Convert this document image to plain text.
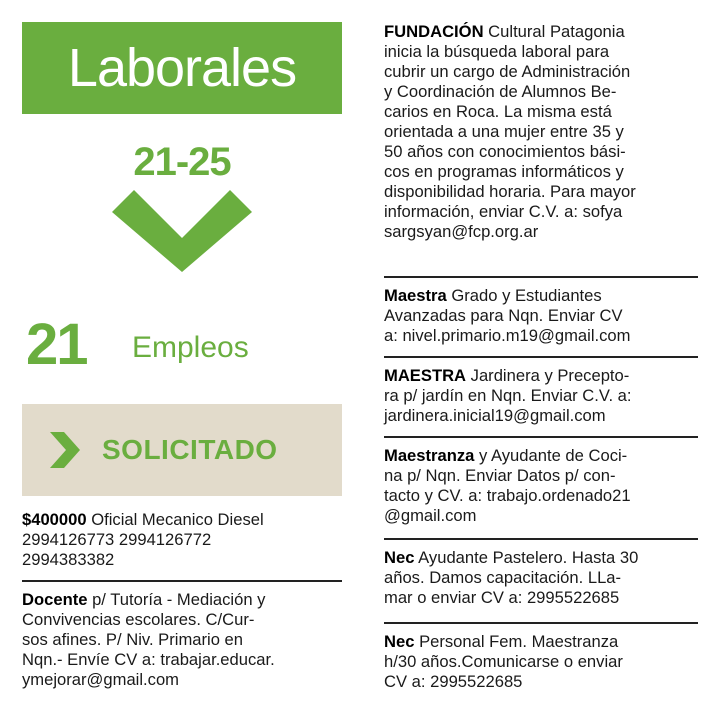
Laborales
21-25
21 Empleos
SOLICITADO
$400000 Oficial Mecanico Diesel
2994126773 2994126772
2994383382
Docente p/ Tutoría - Mediación y
Convivencias escolares. C/Cur-
sos afines. P/ Niv. Primario en
Nqn.- Envíe CV a: trabajar.educar.
ymejorar@gmail.com
FUNDACIÓN Cultural Patagonia
inicia la búsqueda laboral para
cubrir un cargo de Administración
y Coordinación de Alumnos Be-
carios en Roca. La misma está
orientada a una mujer entre 35 y
50 años con conocimientos bási-
cos en programas informáticos y
disponibilidad horaria. Para mayor
información, enviar C.V. a: sofya
sargsyan@fcp.org.ar
Maestra Grado y Estudiantes
Avanzadas para Nqn. Enviar CV
a: nivel.primario.m19@gmail.com
MAESTRA Jardinera y Precepto-
ra p/ jardín en Nqn. Enviar C.V. a:
jardinera.inicial19@gmail.com
Maestranza y Ayudante de Coci-
na p/ Nqn. Enviar Datos p/ con-
tacto y CV. a: trabajo.ordenado21
@gmail.com
Nec Ayudante Pastelero. Hasta 30
años. Damos capacitación. LLa-
mar o enviar CV a: 2995522685
Nec Personal Fem. Maestranza
h/30 años.Comunicarse o enviar
CV a: 2995522685
